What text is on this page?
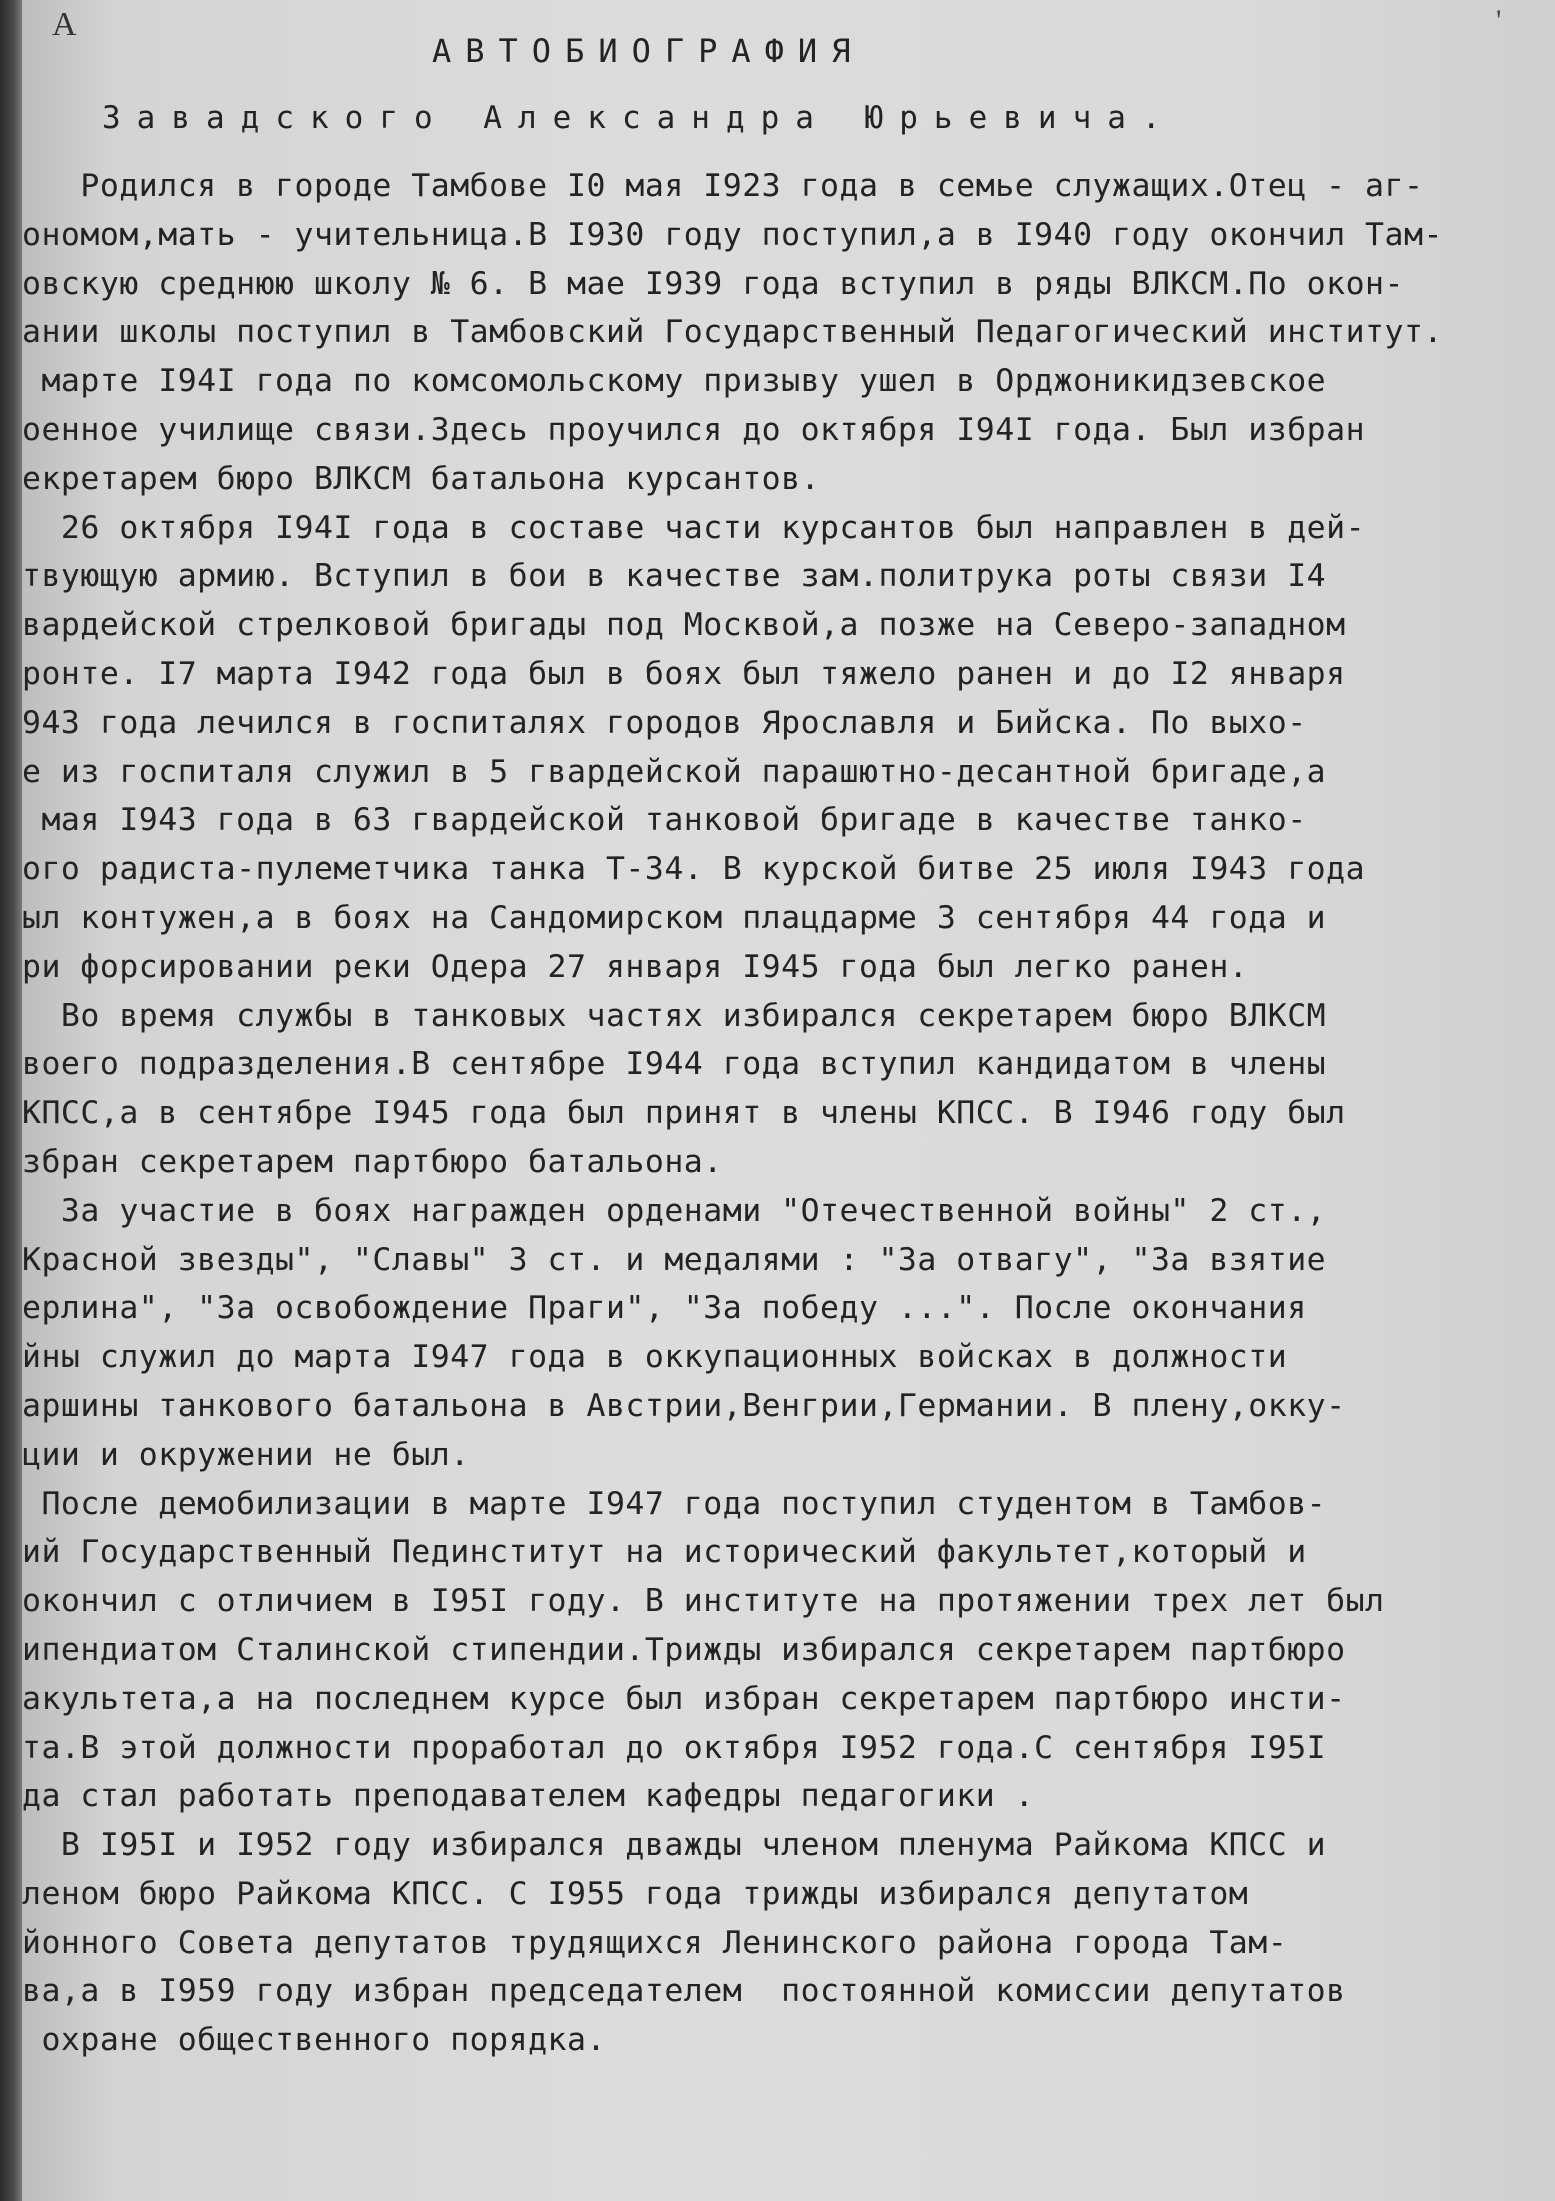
А	'
АВТОБИОГРАФИЯ
Завадского Александра Юрьевича.
Родился в городе Тамбове I0 мая I923 года в семье служащих.Отец - аг-
ономом,мать - учительница.В I930 году поступил,а в I940 году окончил Там-
овскую среднюю школу № 6. В мае I939 года вступил в ряды ВЛКСМ.По окон-
ании школы поступил в Тамбовский Государственный Педагогический институт.
марте I94I года по комсомольскому призыву ушел в Орджоникидзевское
оенное училище связи.Здесь проучился до октября I94I года. Был избран
екретарем бюро ВЛКСМ батальона курсантов.
26 октября I94I года в составе части курсантов был направлен в дей-
твующую армию. Вступил в бои в качестве зам.политрука роты связи I4
вардейской стрелковой бригады под Москвой,а позже на Северо-западном
ронте. I7 марта I942 года был в боях был тяжело ранен и до I2 января
943 года лечился в госпиталях городов Ярославля и Бийска. По выхо-
е из госпиталя служил в 5 гвардейской парашютно-десантной бригаде,а
мая I943 года в 63 гвардейской танковой бригаде в качестве танко-
ого радиста-пулеметчика танка Т-34. В курской битве 25 июля I943 года
ыл контужен,а в боях на Сандомирском плацдарме 3 сентября 44 года и
ри форсировании реки Одера 27 января I945 года был легко ранен.
Во время службы в танковых частях избирался секретарем бюро ВЛКСМ
воего подразделения.В сентябре I944 года вступил кандидатом в члены
КПСС,а в сентябре I945 года был принят в члены КПСС. В I946 году был
збран секретарем партбюро батальона.
За участие в боях награжден орденами "Отечественной войны" 2 ст.,
Красной звезды", "Славы" 3 ст. и медалями : "За отвагу", "За взятие
ерлина", "За освобождение Праги", "За победу ...". После окончания
йны служил до марта I947 года в оккупационных войсках в должности
аршины танкового батальона в Австрии,Венгрии,Германии. В плену,окку-
ции и окружении не был.
После демобилизации в марте I947 года поступил студентом в Тамбов-
ий Государственный Пединститут на исторический факультет,который и
окончил с отличием в I95I году. В институте на протяжении трех лет был
ипендиатом Сталинской стипендии.Трижды избирался секретарем партбюро
акультета,а на последнем курсе был избран секретарем партбюро инсти-
та.В этой должности проработал до октября I952 года.С сентября I95I
да стал работать преподавателем кафедры педагогики .
В I95I и I952 году избирался дважды членом пленума Райкома КПСС и
леном бюро Райкома КПСС. С I955 года трижды избирался депутатом
йонного Совета депутатов трудящихся Ленинского района города Там-
ва,а в I959 году избран председателем  постоянной комиссии депутатов
охране общественного порядка.
